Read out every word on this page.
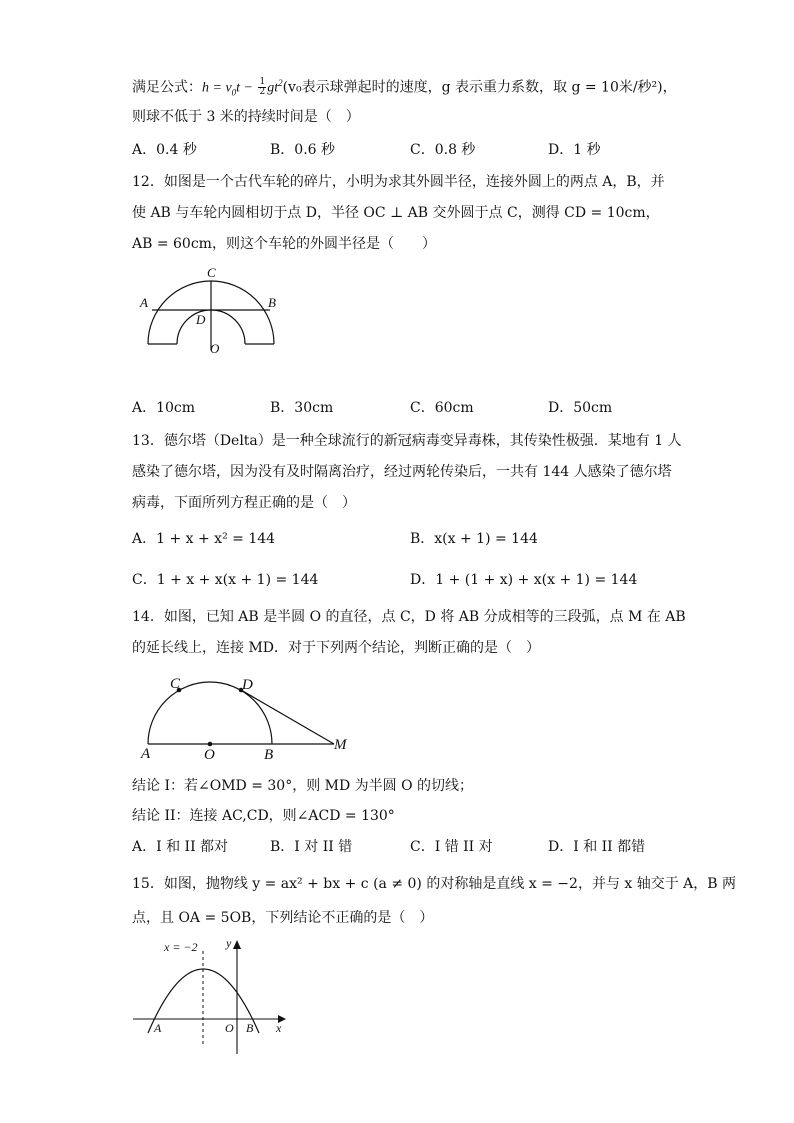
满足公式：$h = v_0t - \frac{1}{2} gt^2(v_0$表示球弹起时的速度，g 表示重力系数，取 g = 10米/秒²)，
则球不低于 3 米的持续时间是（　）
A．0.4 秒	B．0.6 秒	C．0.8 秒	D．1 秒
12．如图是一个古代车轮的碎片，小明为求其外圆半径，连接外圆上的两点 A，B，并
使 AB 与车轮内圆相切于点 D，半径 OC ⊥ AB 交外圆于点 C，测得 CD = 10cm，
AB = 60cm，则这个车轮的外圆半径是（　　）
A	B
C
D
O
A．10cm	B．30cm	C．60cm	D．50cm
13．德尔塔（Delta）是一种全球流行的新冠病毒变异毒株，其传染性极强．某地有 1 人
感染了德尔塔，因为没有及时隔离治疗，经过两轮传染后，一共有 144 人感染了德尔塔
病毒，下面所列方程正确的是（　）
A．1 + x + x² = 144	B．x(x + 1) = 144
C．1 + x + x(x + 1) = 144	D．1 + (1 + x) + x(x + 1) = 144
14．如图，已知 AB 是半圆 O 的直径，点 C，D 将 AB 分成相等的三段弧，点 M 在 AB
的延长线上，连接 MD．对于下列两个结论，判断正确的是（　）
C	D
A	O	B
M
结论 I：若∠OMD = 30°，则 MD 为半圆 O 的切线；
结论 II：连接 AC,CD，则∠ACD = 130°
A．I 和 II 都对	B．I 对 II 错	C．I 错 II 对	D．I 和 II 都错
15．如图，抛物线 y = ax² + bx + c (a ≠ 0) 的对称轴是直线 x = −2，并与 x 轴交于 A，B 两
点，且 OA = 5OB，下列结论不正确的是（　）
x = −2 y
x
A	O B
